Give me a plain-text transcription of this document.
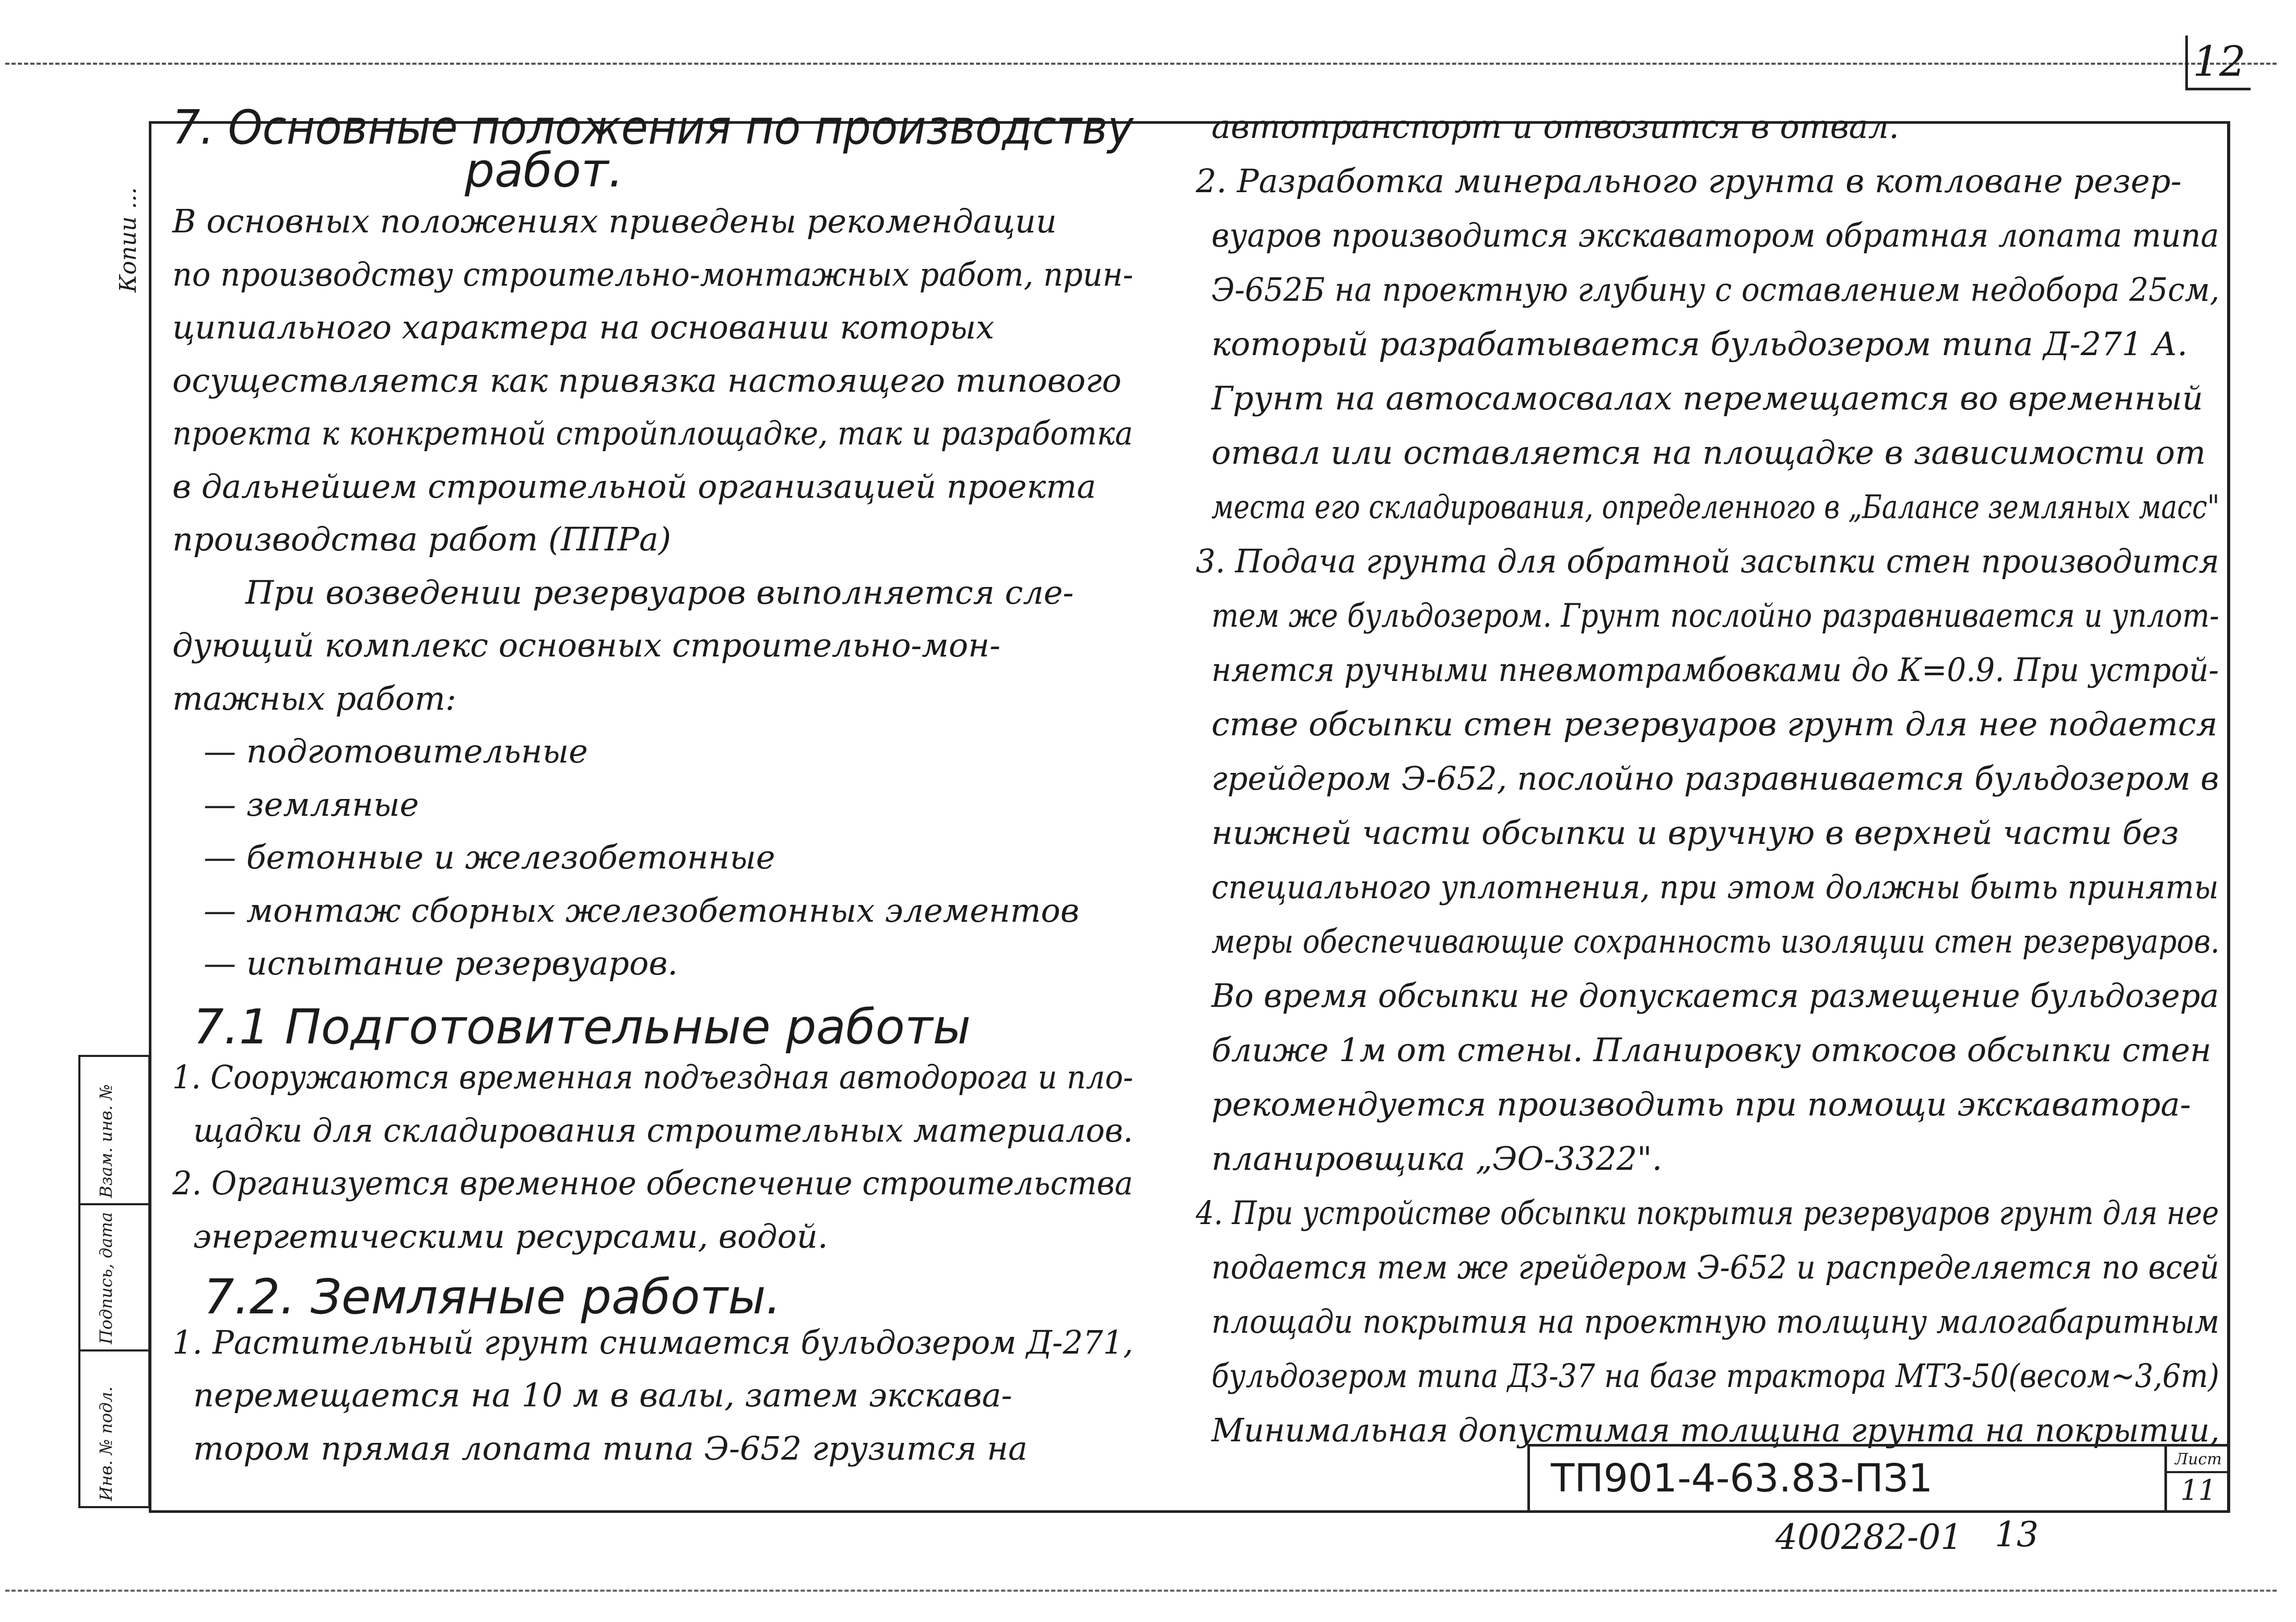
12
Копии ...
Инв. № подл.
Подпись, дата
Взам. инв. №
7. Основные положения по производству
работ.
В основных положениях приведены рекомендации
по производству строительно-монтажных работ, прин-
ципиального характера на основании которых
осуществляется как привязка настоящего типового
проекта к конкретной стройплощадке, так и разработка
в дальнейшем строительной организацией проекта
производства работ (ППРа)
При возведении резервуаров выполняется сле-
дующий комплекс основных строительно-мон-
тажных работ:
— подготовительные
— земляные
— бетонные и железобетонные
— монтаж сборных железобетонных элементов
— испытание резервуаров.
7.1 Подготовительные работы
1. Сооружаются временная подъездная автодорога и пло-
щадки для складирования строительных материалов.
2. Организуется временное обеспечение строительства
энергетическими ресурсами, водой.
7.2. Земляные работы.
1. Растительный грунт снимается бульдозером Д-271,
перемещается на 10 м в валы, затем экскава-
тором прямая лопата типа Э-652 грузится на
автотранспорт и отвозится в отвал.
2. Разработка минерального грунта в котловане резер-
вуаров производится экскаватором обратная лопата типа
Э-652Б на проектную глубину с оставлением недобора 25см,
который разрабатывается бульдозером типа Д-271 А.
Грунт на автосамосвалах перемещается во временный
отвал или оставляется на площадке в зависимости от
места его складирования, определенного в „Балансе земляных масс"
3. Подача грунта для обратной засыпки стен производится
тем же бульдозером. Грунт послойно разравнивается и уплот-
няется ручными пневмотрамбовками до К=0.9. При устрой-
стве обсыпки стен резервуаров грунт для нее подается
грейдером Э-652, послойно разравнивается бульдозером в
нижней части обсыпки и вручную в верхней части без
специального уплотнения, при этом должны быть приняты
меры обеспечивающие сохранность изоляции стен резервуаров.
Во время обсыпки не допускается размещение бульдозера
ближе 1м от стены. Планировку откосов обсыпки стен
рекомендуется производить при помощи экскаватора-
планировщика „ЭО-3322".
4. При устройстве обсыпки покрытия резервуаров грунт для нее
подается тем же грейдером Э-652 и распределяется по всей
площади покрытия на проектную толщину малогабаритным
бульдозером типа ДЗ-37 на базе трактора МТЗ-50(весом~3,6т)
Минимальная допустимая толщина грунта на покрытии,
ТП901-4-63.83-ПЗ1	Лист
11
400282-01 13
